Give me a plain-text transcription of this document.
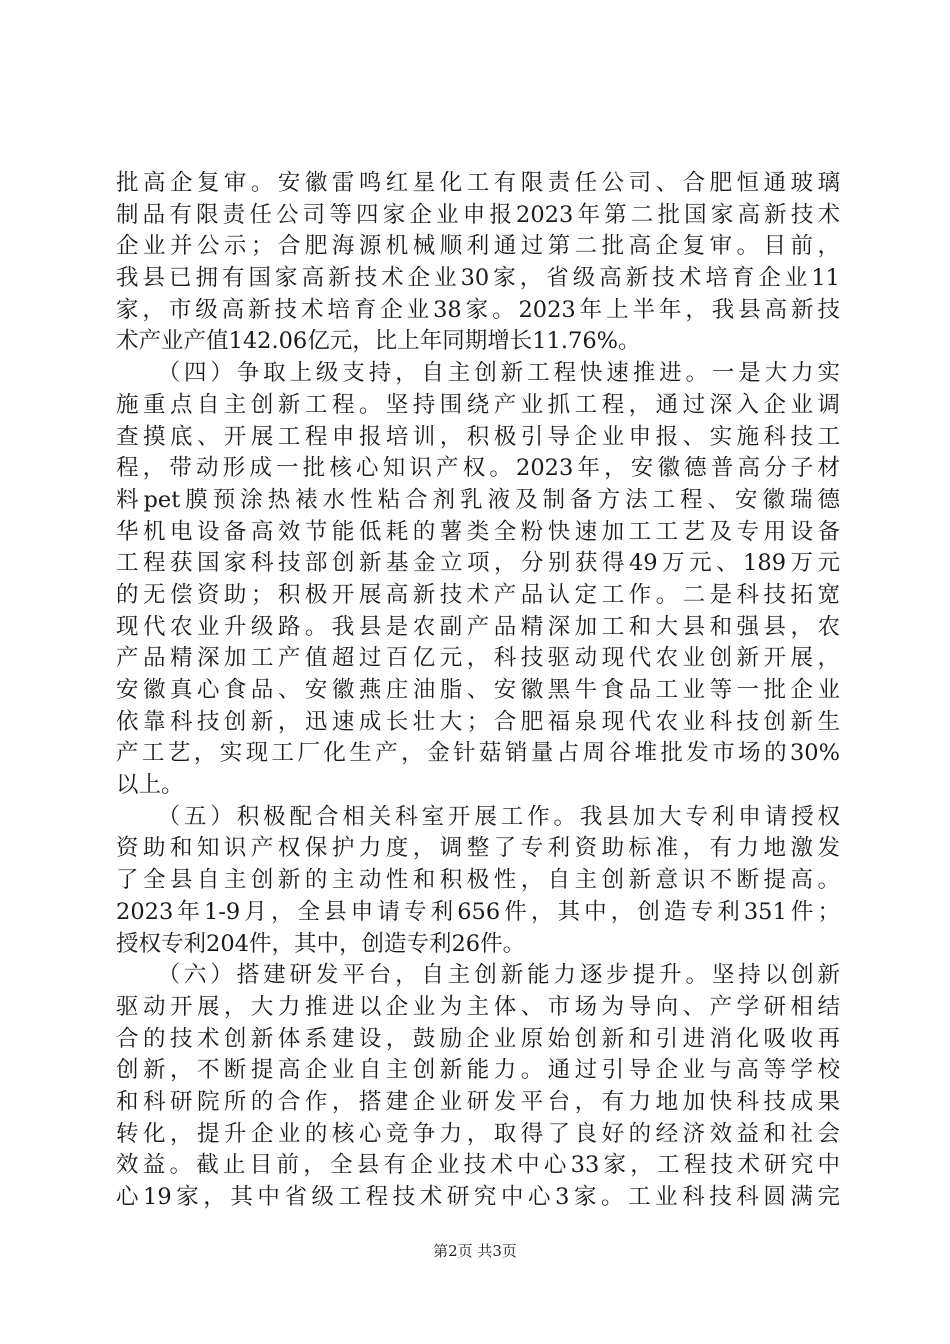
批高企复审。安徽雷鸣红星化工有限责任公司、合肥恒通玻璃
制品有限责任公司等四家企业申报2023年第二批国家高新技术
企业并公示；合肥海源机械顺利通过第二批高企复审。目前，
我县已拥有国家高新技术企业30家，省级高新技术培育企业11
家，市级高新技术培育企业38家。2023年上半年，我县高新技
术产业产值142.06亿元，比上年同期增长11.76%。
　　（四）争取上级支持，自主创新工程快速推进。一是大力实
施重点自主创新工程。坚持围绕产业抓工程，通过深入企业调
查摸底、开展工程申报培训，积极引导企业申报、实施科技工
程，带动形成一批核心知识产权。2023年，安徽德普高分子材
料pet膜预涂热裱水性粘合剂乳液及制备方法工程、安徽瑞德
华机电设备高效节能低耗的薯类全粉快速加工工艺及专用设备
工程获国家科技部创新基金立项，分别获得49万元、189万元
的无偿资助；积极开展高新技术产品认定工作。二是科技拓宽
现代农业升级路。我县是农副产品精深加工和大县和强县，农
产品精深加工产值超过百亿元，科技驱动现代农业创新开展，
安徽真心食品、安徽燕庄油脂、安徽黑牛食品工业等一批企业
依靠科技创新，迅速成长壮大；合肥福泉现代农业科技创新生
产工艺，实现工厂化生产，金针菇销量占周谷堆批发市场的30%
以上。
　　（五）积极配合相关科室开展工作。我县加大专利申请授权
资助和知识产权保护力度，调整了专利资助标准，有力地激发
了全县自主创新的主动性和积极性，自主创新意识不断提高。
2023年1-9月，全县申请专利656件，其中，创造专利351件；
授权专利204件，其中，创造专利26件。
　　（六）搭建研发平台，自主创新能力逐步提升。坚持以创新
驱动开展，大力推进以企业为主体、市场为导向、产学研相结
合的技术创新体系建设，鼓励企业原始创新和引进消化吸收再
创新，不断提高企业自主创新能力。通过引导企业与高等学校
和科研院所的合作，搭建企业研发平台，有力地加快科技成果
转化，提升企业的核心竞争力，取得了良好的经济效益和社会
效益。截止目前，全县有企业技术中心33家，工程技术研究中
心19家，其中省级工程技术研究中心3家。工业科技科圆满完
第2页 共3页
